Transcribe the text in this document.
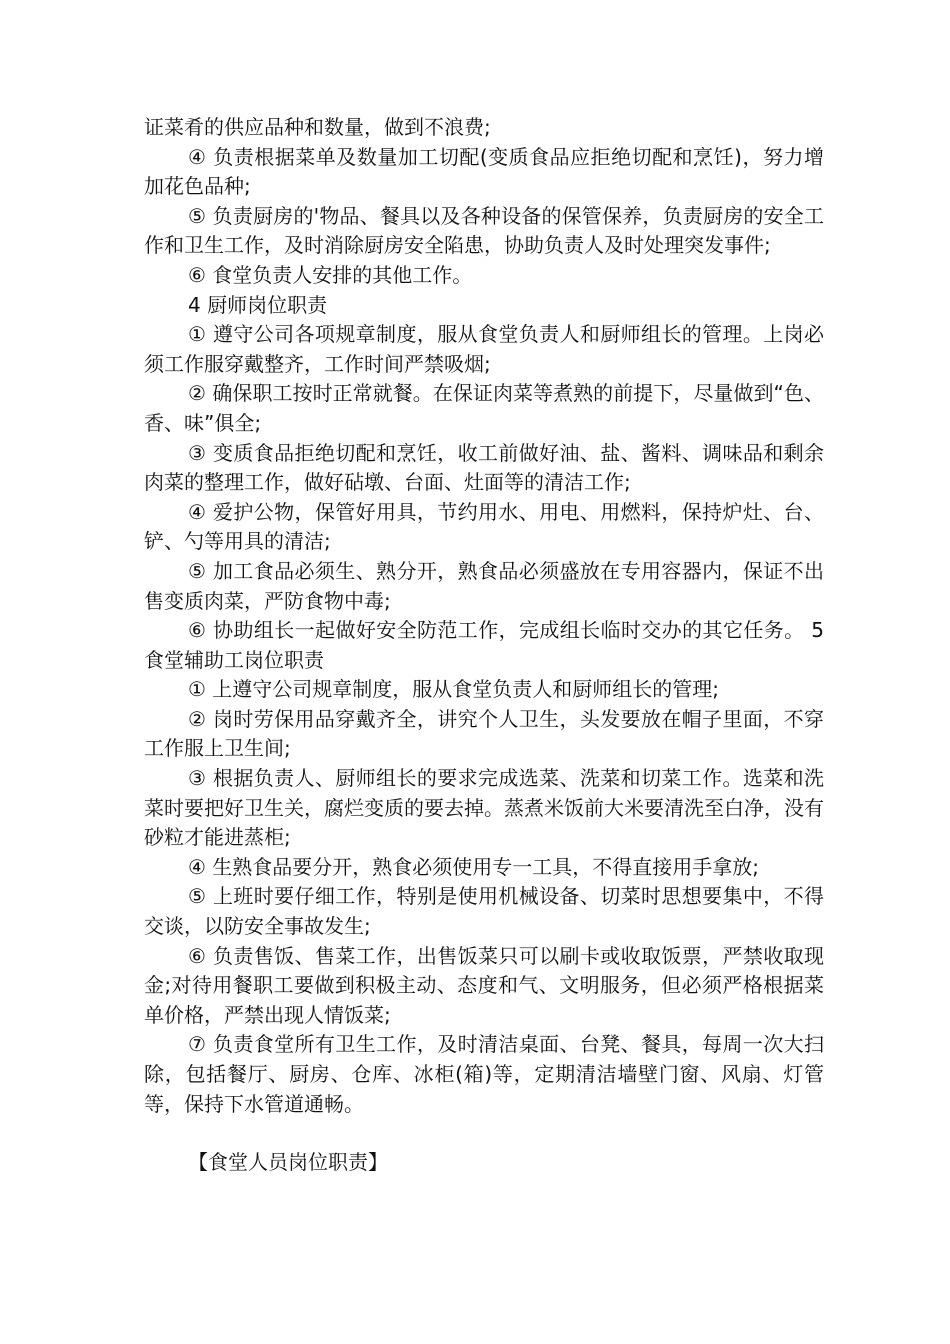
证菜肴的供应品种和数量，做到不浪费;

④ 负责根据菜单及数量加工切配(变质食品应拒绝切配和烹饪)，努力增加花色品种;

⑤ 负责厨房的'物品、餐具以及各种设备的保管保养，负责厨房的安全工作和卫生工作，及时消除厨房安全陷患，协助负责人及时处理突发事件;

⑥ 食堂负责人安排的其他工作。

4 厨师岗位职责

① 遵守公司各项规章制度，服从食堂负责人和厨师组长的管理。上岗必须工作服穿戴整齐，工作时间严禁吸烟;

② 确保职工按时正常就餐。在保证肉菜等煮熟的前提下，尽量做到“色、香、味”俱全;

③ 变质食品拒绝切配和烹饪，收工前做好油、盐、酱料、调味品和剩余肉菜的整理工作，做好砧墩、台面、灶面等的清洁工作;

④ 爱护公物，保管好用具，节约用水、用电、用燃料，保持炉灶、台、铲、勺等用具的清洁;

⑤ 加工食品必须生、熟分开，熟食品必须盛放在专用容器内，保证不出售变质肉菜，严防食物中毒;

⑥ 协助组长一起做好安全防范工作，完成组长临时交办的其它任务。 5 食堂辅助工岗位职责

① 上遵守公司规章制度，服从食堂负责人和厨师组长的管理;

② 岗时劳保用品穿戴齐全，讲究个人卫生，头发要放在帽子里面，不穿工作服上卫生间;

③ 根据负责人、厨师组长的要求完成选菜、洗菜和切菜工作。选菜和洗菜时要把好卫生关，腐烂变质的要去掉。蒸煮米饭前大米要清洗至白净，没有砂粒才能进蒸柜;

④ 生熟食品要分开，熟食必须使用专一工具，不得直接用手拿放;

⑤ 上班时要仔细工作，特别是使用机械设备、切菜时思想要集中，不得交谈，以防安全事故发生;

⑥ 负责售饭、售菜工作，出售饭菜只可以刷卡或收取饭票，严禁收取现金;对待用餐职工要做到积极主动、态度和气、文明服务，但必须严格根据菜单价格，严禁出现人情饭菜;

⑦ 负责食堂所有卫生工作，及时清洁桌面、台凳、餐具，每周一次大扫除，包括餐厅、厨房、仓库、冰柜(箱)等，定期清洁墙壁门窗、风扇、灯管等，保持下水管道通畅。

【食堂人员岗位职责】
